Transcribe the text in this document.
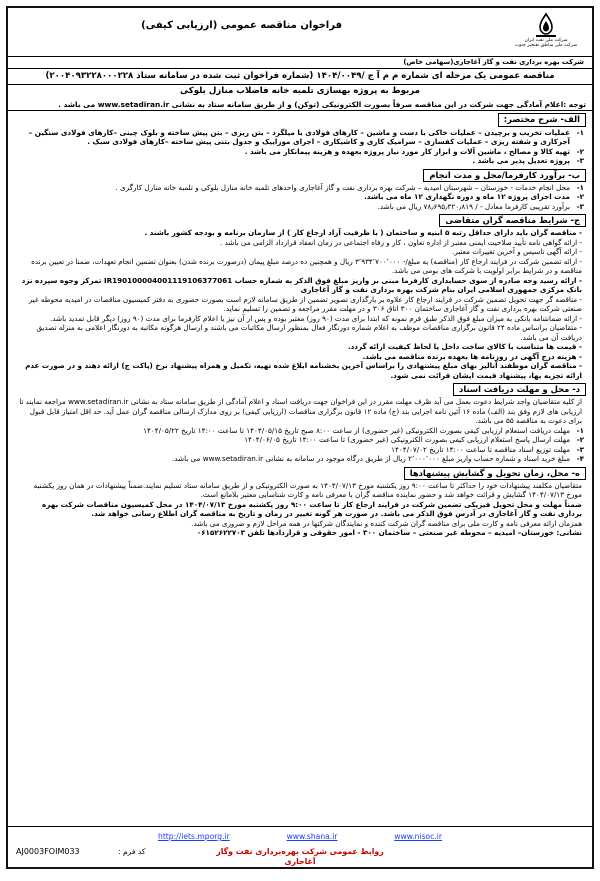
شرکت ملی نفت ایران
شرکت ملی مناطق نفتخیز جنوب
فراخوان مناقصه عمومی (ارزیابی کیفی)
شرکت بهره برداری نفت و گاز آغاجاری(سهامی خاص)
مناقصه عمومی یک مرحله ای شماره م م آ ج /۱۴۰۴/۰۰۴۹ (شماره فراخوان ثبت شده در سامانه ستاد ۲۰۰۴۰۹۳۲۲۸۰۰۰۲۲۸)
مربوط به پروژه بهسازی تلمبه خانه فاضلاب منازل بلوکی
توجه :اعلام آمادگی جهت شرکت در این مناقصه صرفاً بصورت الکترونیکی (توکن) و از طریق سامانه ستاد به نشانی www.setadiran.ir می باشد .
الف- شرح مختصر:
۱-
عملیات تخریب و برچیدن – عملیات خاکی با دست و ماشین – کارهای فولادی با میلگرد – بتن ریزی – بتن پیش ساخته و بلوک چینی –کارهای فولادی سنگین – آجرکاری و شفته ریزی – عملیات کفسازی – سرامیک کاری و کاشیکاری – اجرای موزاییک و جدول بتنی پیش ساخته –کارهای فولادی سبک .
۲-
تهیه کالا و مصالح ، ماشین آلات و ابزار کار مورد نیاز پروژه بعهده و هزینه پیمانکار می باشد .
۳-
پروژه تعدیل پذیر می باشد .
ب- برآورد کارفرما/محل و مدت انجام
۱-
محل انجام خدمات - خوزستان – شهرستان امیدیه – شرکت بهره برداری نفت و گاز آغاجاری واحدهای تلمبه خانه منازل بلوکی و تلمبه خانه منازل کارگری .
۲-
مدت اجرای پروژه ۱۲ ماه و دوره نگهداری ۱۲ ماه می باشد.
۳-
برآورد تقریبی کارفرما معادل - / ۷۸٫۶۹۵٫۳۲۰٫۸۱۹ ریال می باشد.
ج- شرایط مناقصه گران متقاضی

- مناقصه گران باید دارای حداقل رتبه ۵ ابنیه و ساختمان ( با ظرفیت آزاد ارجاع کار ) از سازمان برنامه و بودجه کشور باشند .

- ارائه گواهی نامه تأیید صلاحیت ایمنی معتبر از اداره تعاون ، کار و رفاه اجتماعی در زمان انعقاد قرارداد الزامی می باشد .

- ارائه آگهی تاسیس و آخرین تغییرات معتبر.

- ارائه تضمین شرکت در فرایند ارجاع کار (مناقصه) به مبلغ/- ۳٬۹۳۴٬۷۰۰٬۰۰۰ ریال و همچنین ده درصد مبلغ پیمان (درصورت برنده شدن) بعنوان تضمین انجام تعهدات، ضمنا در تعیین برنده مناقصه و در شرایط برابر اولویت با شرکت های بومی می باشد.

- ارائه رسید وجه صادره از سوی حسابداری کارفرما مبنی بر واریز مبلغ فوق الذکر به شماره حساب IR190100004001119106377061 تمرکز وجوه سپرده نزد بانک مرکزی جمهوری اسلامی ایران بنام شرکت بهره برداری نفت و گاز آغاجاری

- مناقصه گر جهت تحویل تضمین شرکت در فرایند ارجاع کار علاوه بر بارگذاری تصویر تضمین از طریق سامانه لازم است بصورت حضوری به دفتر کمیسیون مناقصات در امیدیه محوطه غیر صنعتی شرکت بهره برداری نفت و گاز آغاجاری ساختمان ۳۰۰ اتاق ۳۰۶ و در مهلت مقرر مراجعه و تضمین را تسلیم نماید.

- ارائه ضمانتنامه بانکی به میزان مبلغ فوق الذکر طبق فرم نمونه که ابتدا برای مدت (۹۰ روز) معتبر بوده و پس از آن نیز با اعلام کارفرما برای مدت (۹۰ روز) دیگر قابل تمدید باشد.

- متقاضیان براساس ماده ۲۴ قانون برگزاری مناقصات موظف به اعلام شماره دورنگار فعال بمنظور ارسال مکاتبات می باشند و ارسال هرگونه مکاتبه به دورنگار اعلامی به منزله تصدیق دریافت آن می باشد.

- قیمت ها متناسب با کالای ساخت داخل یا لحاظ کیفیت ارائه گردد.

- هزینه درج آگهی در روزنامه ها بعهده برنده مناقصه می باشد.

- مناقصه گران موظفند آنالیز بهای مبلغ پیشنهادی را براساس آخرین بخشنامه ابلاغ شده تهیه، تکمیل و همراه پیشنهاد نرخ (پاکت ج) ارائه دهند و در صورت عدم ارائه تجزیه بها، پیشنهاد قیمت ایشان قرائت نمی شود.

د- محل و مهلت دریافت اسناد

از کلیه متقاضیان واجد شرایط دعوت بعمل می آید ظرف مهلت مقرر در این فراخوان جهت دریافت اسناد و اعلام آمادگی از طریق سامانه ستاد به نشانی www.setadiran.ir مراجعه نمایند تا ارزیابی های لازم وفق بند (الف) ماده ۱۶ آئین نامه اجرایی بند (ج) ماده ۱۲ قانون برگزاری مناقصات (ارزیابی کیفی) بر روی مدارک ارسالی مناقصه گران عمل آید. حد اقل امتیاز قابل قبول برای دعوت به مناقصه ۵۵ می باشد.

۱-
مهلت دریافت استعلام ارزیابی کیفی بصورت الکترونیکی (غیر حضوری) از ساعت ۸:۰۰ صبح تاریخ ۱۴۰۴/۰۵/۱۵ تا ساعت ۱۴:۰۰ تاریخ ۱۴۰۴/۰۵/۲۲
۲-
مهلت ارسال پاسخ استعلام ارزیابی کیفی بصورت الکترونیکی (غیر حضوری) تا ساعت ۱۴:۰۰ تاریخ ۱۴۰۴/۰۶/۰۵
۳-
مهلت توزیع اسناد مناقصه تا ساعت ۱۴:۰۰ تاریخ ۱۴۰۴/۰۷/۰۲
۴-
مبلغ خرید اسناد و شماره حساب واریز مبلغ ۲٬۰۰۰٬۰۰۰ ریال از طریق درگاه موجود در سامانه به نشانی www.setadiran.ir می باشد.
ه- محل، زمان تحویل و گشایش پیشنهادها

متقاضیان مکلفند پیشنهادات خود را حداکثر تا ساعت ۹:۰۰ روز یکشنبه مورخ ۱۴۰۴/۰۷/۱۳ به صورت الکترونیکی و از طریق سامانه ستاد تسلیم نمایند.ضمناً پیشنهادات در همان روز یکشنبه مورخ ۱۴۰۴/۰۷/۱۳ گشایش و قرائت خواهد شد و حضور نماینده مناقصه گران با معرفی نامه و کارت شناسایی معتبر بلامانع است.

ضمناً مهلت و محل تحویل فیزیکی تضمین شرکت در فرایند ارجاع کار تا ساعت ۹:۰۰ روز یکشنبه مورخ ۱۴۰۴/۰۷/۱۳ در محل کمیسیون مناقصات شرکت بهره برداری نفت و گاز آغاجاری در آدرس فوق الذکر می باشد. در صورت هر گونه تغییر در زمان و تاریخ به مناقصه گران اطلاع رسانی خواهد شد.

همزمان ارائه معرفی نامه و کارت ملی برای مناقصه گران شرکت کننده و نمایندگان شرکتها در همه مراحل لازم و ضروری می باشد.

نشانی: خوزستان– امیدیه – محوطه غیر صنعتی – ساختمان ۳۰۰ - امور حقوقی و قراردادها تلفن ۰۶۱۵۲۶۲۲۷۰۳

http://iets.mporg.ir	www.shana.ir	www.nisoc.ir
AJ0003FOIM033	کد فرم :	روابط عمومی شرکت بهره‌برداری نفت وگاز آغاجاری
